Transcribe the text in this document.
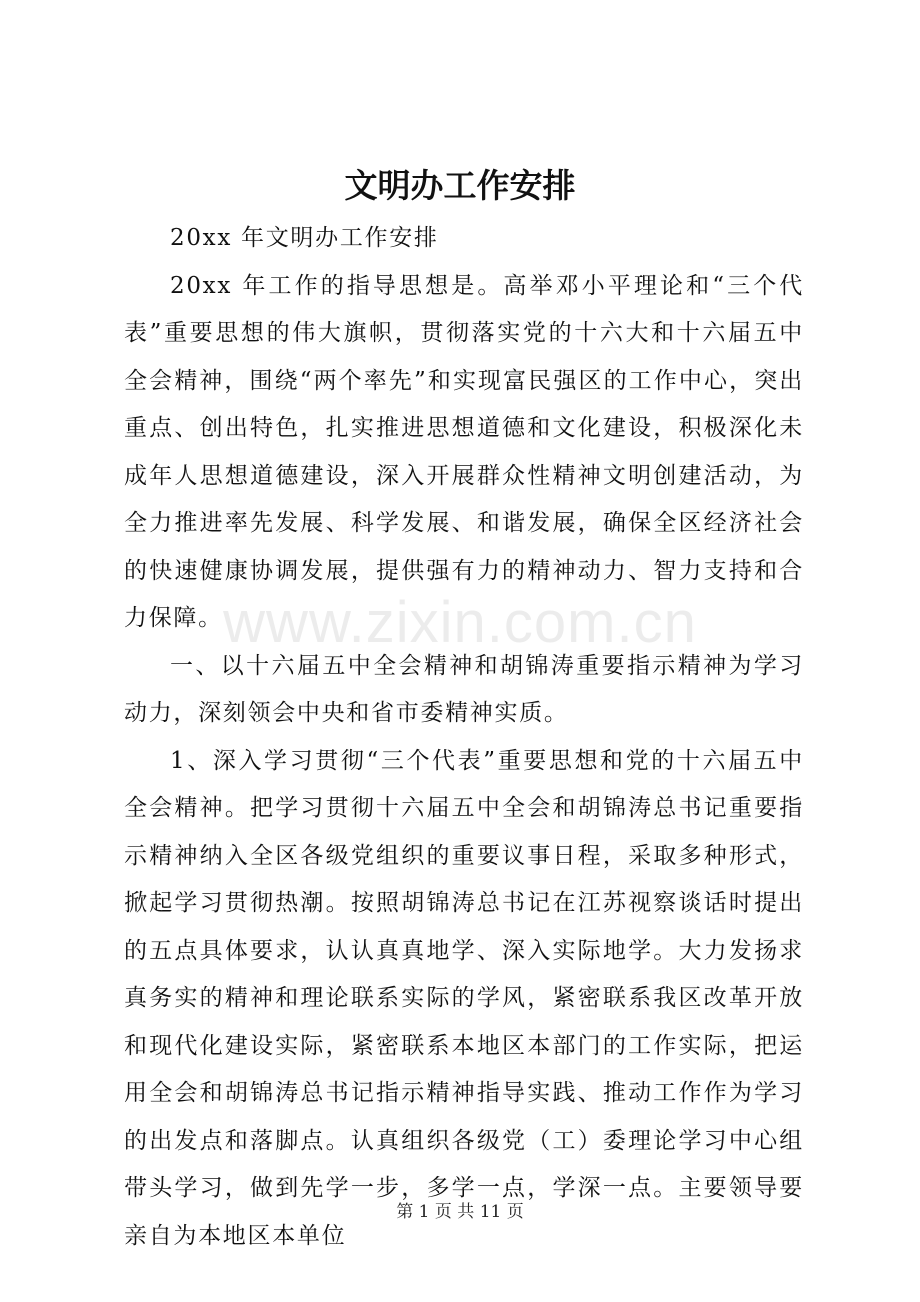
文明办工作安排

20xx 年文明办工作安排

20xx 年工作的指导思想是。高举邓小平理论和“三个代表”重要思想的伟大旗帜，贯彻落实党的十六大和十六届五中全会精神，围绕“两个率先”和实现富民强区的工作中心，突出重点、创出特色，扎实推进思想道德和文化建设，积极深化未成年人思想道德建设，深入开展群众性精神文明创建活动，为全力推进率先发展、科学发展、和谐发展，确保全区经济社会的快速健康协调发展，提供强有力的精神动力、智力支持和合力保障。

一、以十六届五中全会精神和胡锦涛重要指示精神为学习动力，深刻领会中央和省市委精神实质。

1、深入学习贯彻“三个代表”重要思想和党的十六届五中全会精神。把学习贯彻十六届五中全会和胡锦涛总书记重要指示精神纳入全区各级党组织的重要议事日程，采取多种形式，掀起学习贯彻热潮。按照胡锦涛总书记在江苏视察谈话时提出的五点具体要求，认认真真地学、深入实际地学。大力发扬求真务实的精神和理论联系实际的学风，紧密联系我区改革开放和现代化建设实际，紧密联系本地区本部门的工作实际，把运用全会和胡锦涛总书记指示精神指导实践、推动工作作为学习的出发点和落脚点。认真组织各级党（工）委理论学习中心组带头学习，做到先学一步，多学一点，学深一点。主要领导要亲自为本地区本单位

www.zixin.com.cn
第 1 页 共 11 页
